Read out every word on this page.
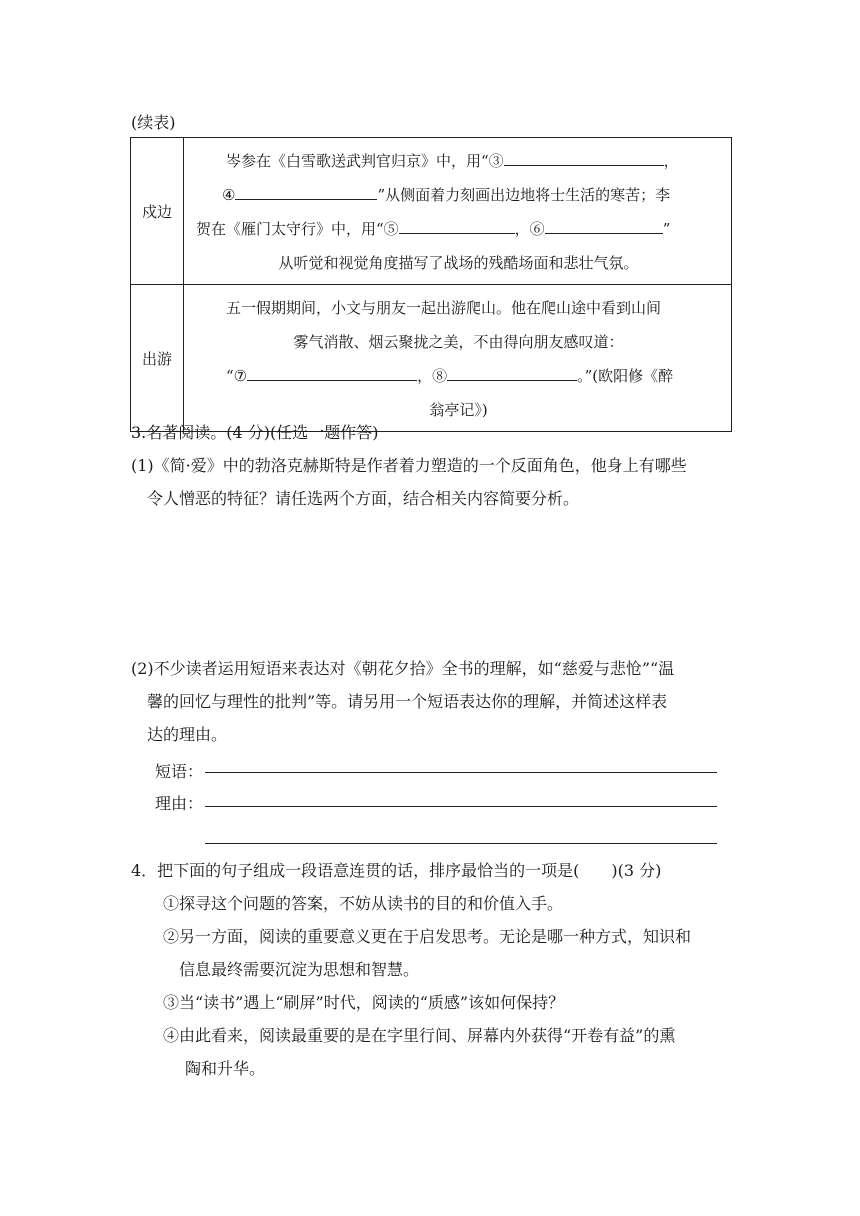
(续表)
戍边	岑参在《白雪歌送武判官归京》中，用“③ ，
④ ”从侧面着力刻画出边地将士生活的寒苦；李
贺在《雁门太守行》中，用“⑤ ，⑥ ”
从听觉和视觉角度描写了战场的残酷场面和悲壮气氛。

出游	五一假期期间，小文与朋友一起出游爬山。他在爬山途中看到山间
雾气消散、烟云聚拢之美，不由得向朋友感叹道：
“⑦ ，⑧ 。”(欧阳修《醉
翁亭记》)
3.名著阅读。(4 分)(任选一题作答)
(1)《简·爱》中的勃洛克赫斯特是作者着力塑造的一个反面角色，他身上有哪些
令人憎恶的特征？请任选两个方面，结合相关内容简要分析。
(2)不少读者运用短语来表达对《朝花夕拾》全书的理解，如“慈爱与悲怆”“温
馨的回忆与理性的批判”等。请另用一个短语表达你的理解，并简述这样表
达的理由。
短语：
理由：
4．把下面的句子组成一段语意连贯的话，排序最恰当的一项是(　　)(3 分)
①探寻这个问题的答案，不妨从读书的目的和价值入手。
②另一方面，阅读的重要意义更在于启发思考。无论是哪一种方式，知识和
信息最终需要沉淀为思想和智慧。
③当“读书”遇上“刷屏”时代，阅读的“质感”该如何保持？
④由此看来，阅读最重要的是在字里行间、屏幕内外获得“开卷有益”的熏
陶和升华。
